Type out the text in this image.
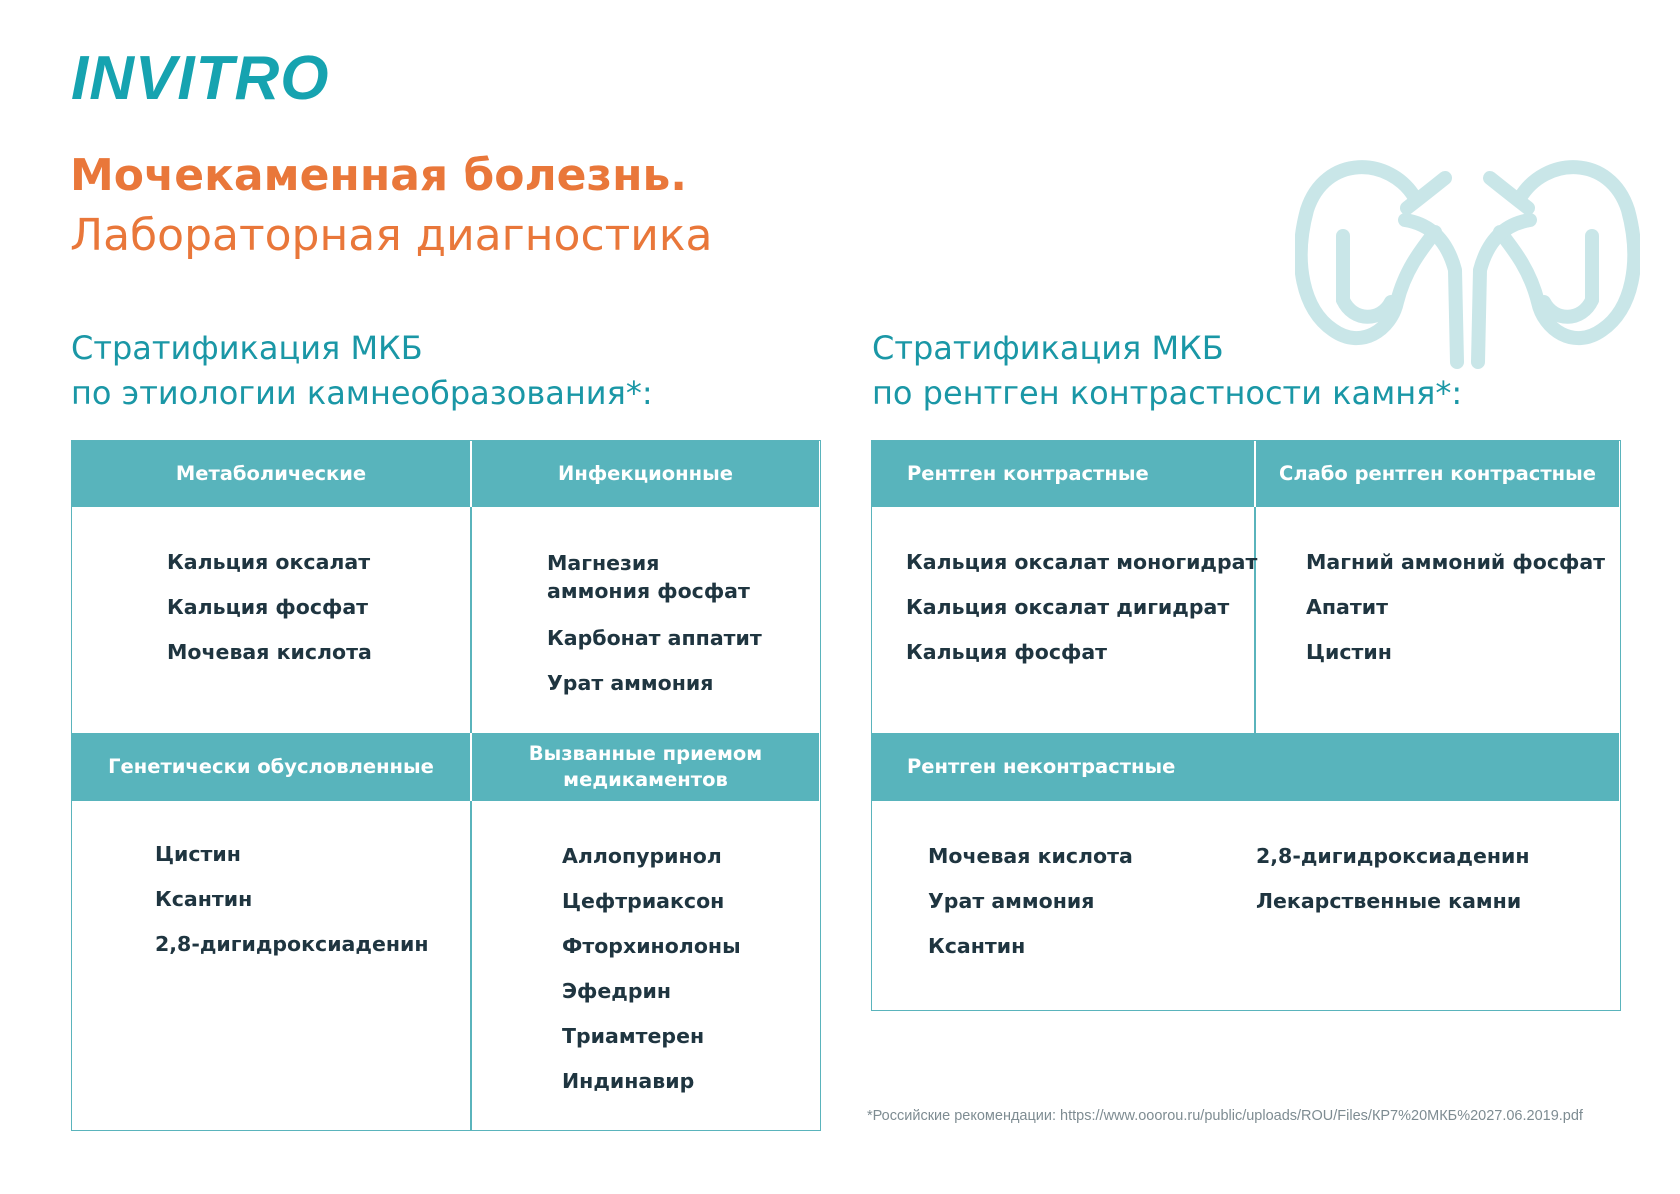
INVITRO
Мочекаменная болезнь.
Лабораторная диагностика
Стратификация МКБ
по этиологии камнеобразования*:
Метаболические	Инфекционные
Генетически обусловленные
Вызванные приемом
медикаментов
Кальция оксалат
Кальция фосфат
Мочевая кислота
Магнезия аммония фосфат
Карбонат аппатит
Урат аммония
Цистин
Ксантин
2,8-дигидроксиаденин
Аллопуринол
Цефтриаксон
Фторхинолоны
Эфедрин
Триамтерен
Индинавир
Стратификация МКБ
по рентген контрастности камня*:
Рентген контрастные	Слабо рентген контрастные
Рентген неконтрастные
Кальция оксалат моногидрат
Кальция оксалат дигидрат
Кальция фосфат
Магний аммоний фосфат
Апатит
Цистин
Мочевая кислота
Урат аммония
Ксантин
2,8-дигидроксиаденин
Лекарственные камни
*Российские рекомендации: https://www.ooorou.ru/public/uploads/ROU/Files/КР7%20МКБ%2027.06.2019.pdf
